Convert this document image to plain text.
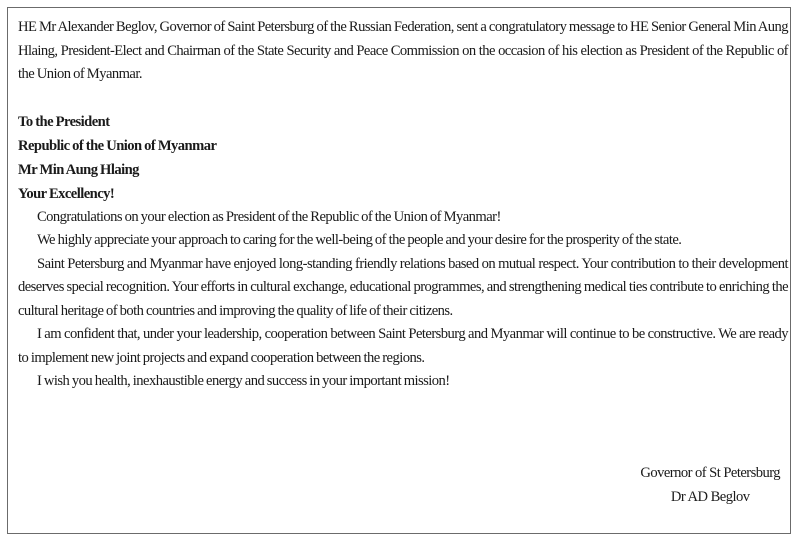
HE Mr Alexander Beglov, Governor of Saint Petersburg of the Russian Federation, sent a congratulatory message to HE Senior General Min Aung Hlaing, President-Elect and Chairman of the State Security and Peace Commission on the occasion of his election as President of the Republic of the Union of Myanmar.

To the President
Republic of the Union of Myanmar
Mr Min Aung Hlaing
Your Excellency!

Congratulations on your election as President of the Republic of the Union of Myanmar!

We highly appreciate your approach to caring for the well-being of the people and your desire for the prosperity of the state.

Saint Petersburg and Myanmar have enjoyed long-standing friendly relations based on mutual respect. Your contribution to their development deserves special recognition. Your efforts in cultural exchange, educational programmes, and strengthening medical ties contribute to enriching the cultural heritage of both countries and improving the quality of life of their citizens.

I am confident that, under your leadership, cooperation between Saint Petersburg and Myanmar will continue to be constructive. We are ready to implement new joint projects and expand cooperation between the regions.

I wish you health, inexhaustible energy and success in your important mission!

Governor of St Petersburg
Dr AD Beglov
